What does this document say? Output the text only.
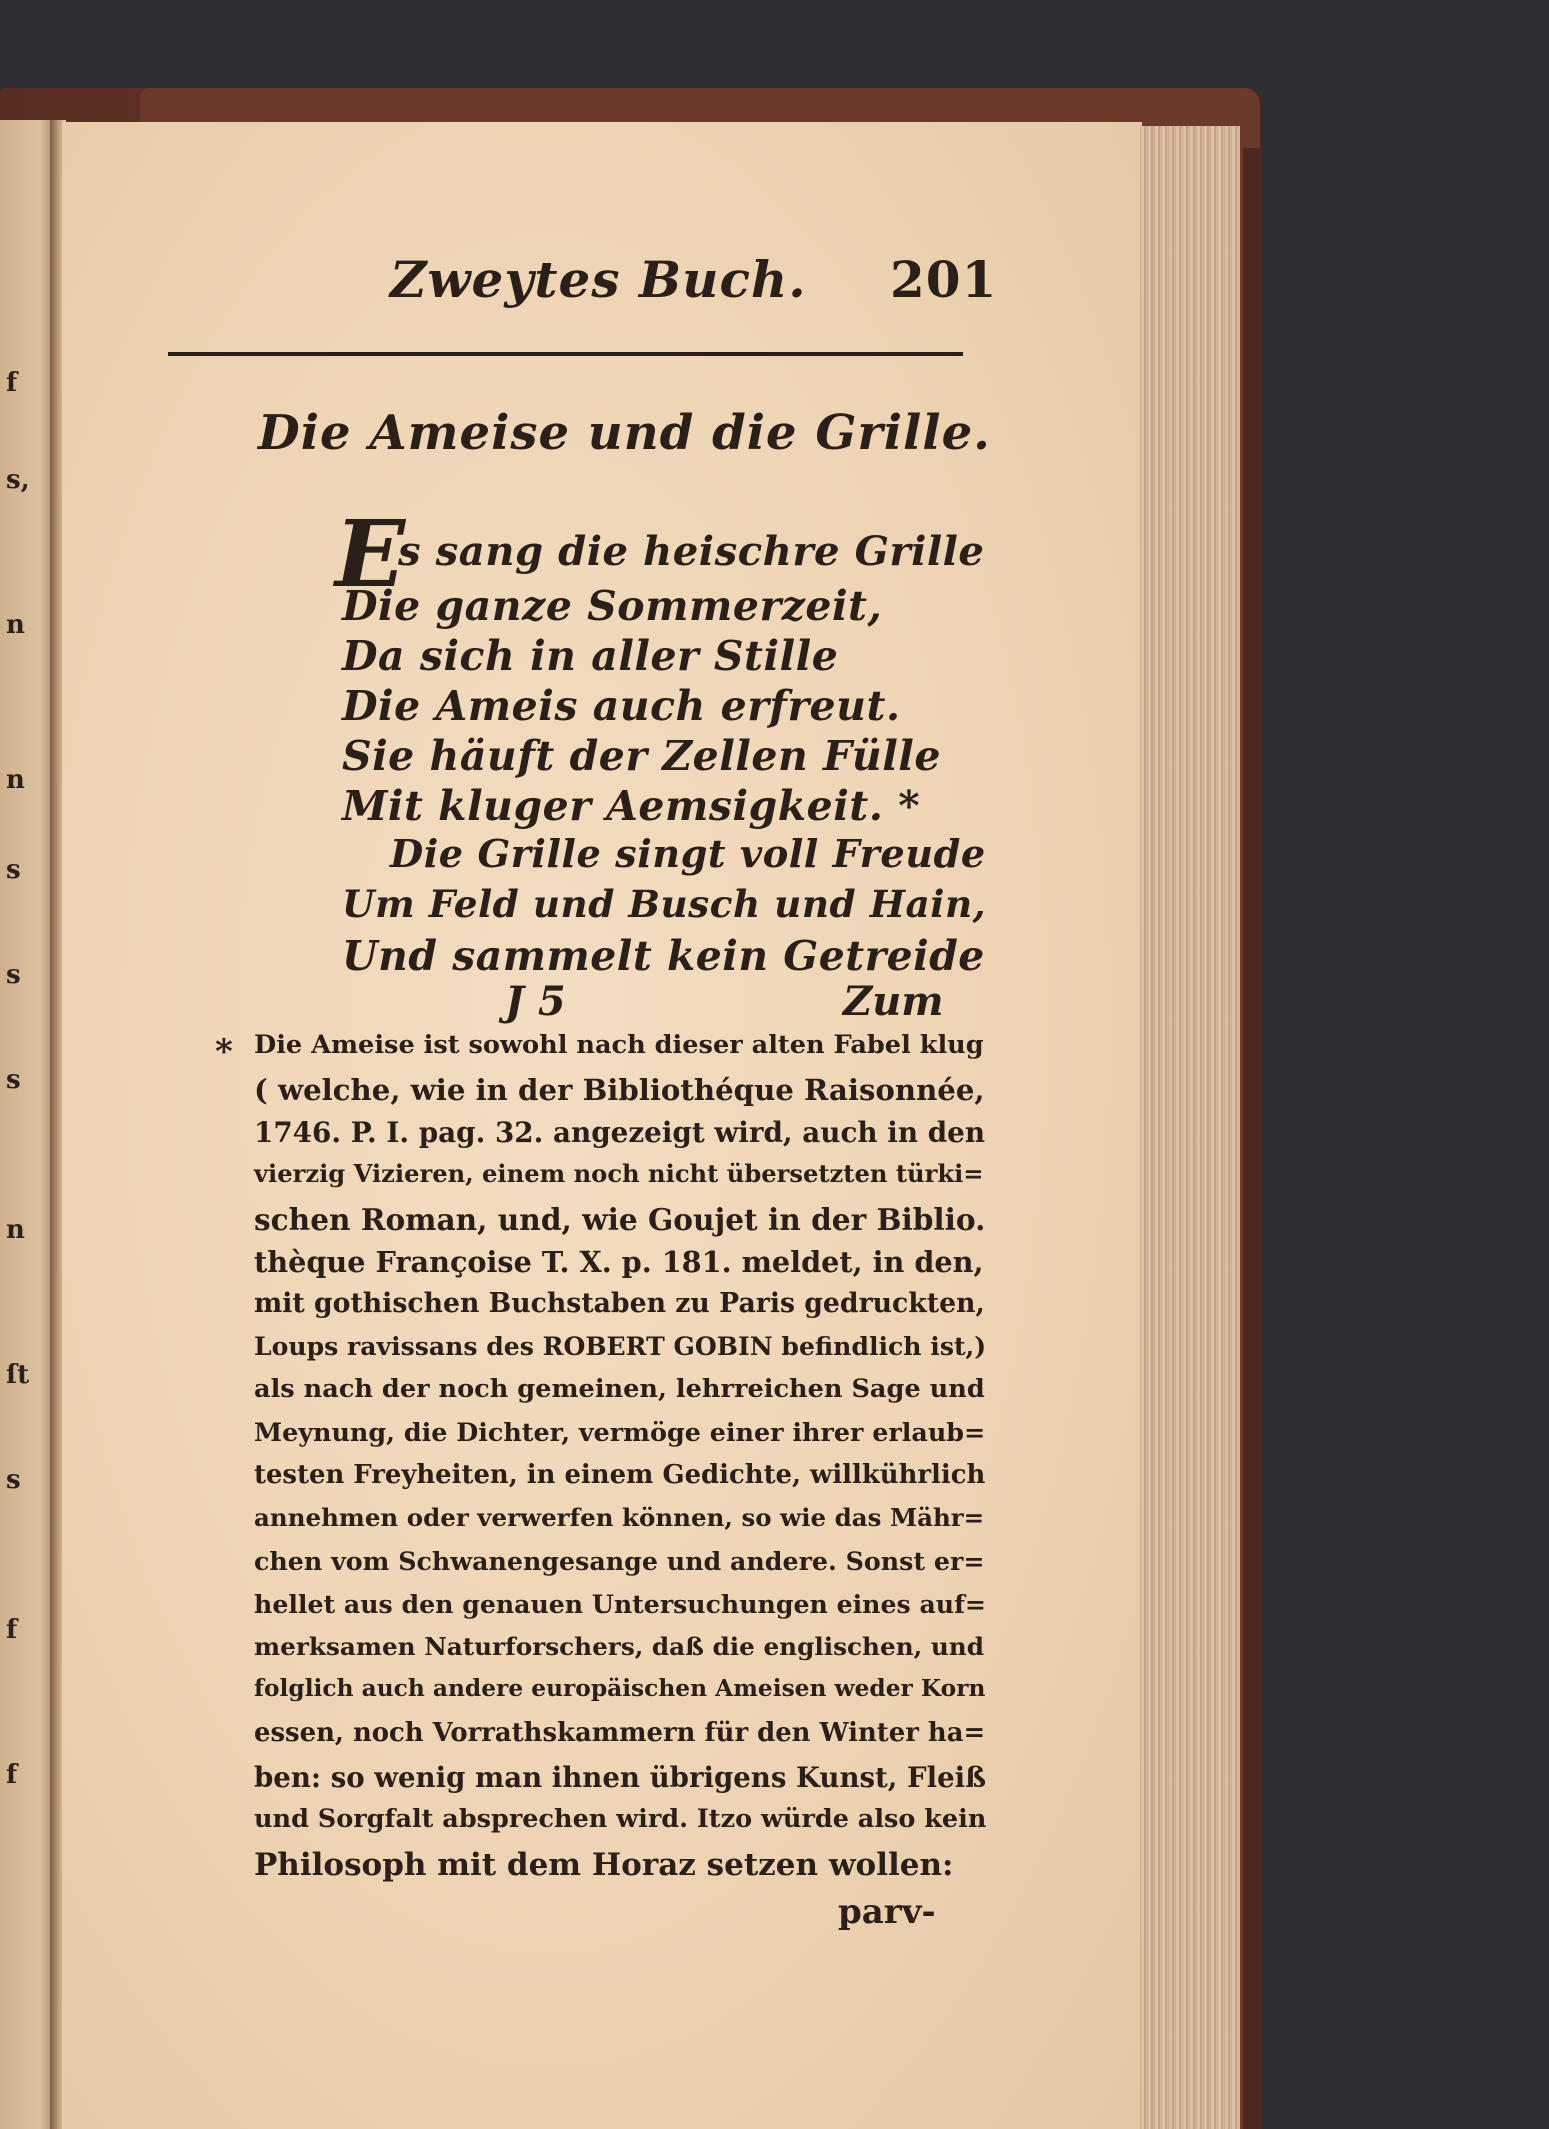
f
s,
n
n
s
s
s
n
ſt
s
f
f
Zweytes Buch. 201
Die Ameise und die Grille.
E
s sang die heischre Grille
Die ganze Sommerzeit,
Da sich in aller Stille
Die Ameis auch erfreut.
Sie häuft der Zellen Fülle
Mit kluger Aemsigkeit. *
Die Grille singt voll Freude
Um Feld und Busch und Hain,
Und sammelt kein Getreide
J 5	Zum
* Die Ameise ist sowohl nach dieser alten Fabel klug
( welche, wie in der Bibliothéque Raisonnée,
1746. P. I. pag. 32. angezeigt wird, auch in den
vierzig Vizieren, einem noch nicht übersetzten türki=
schen Roman, und, wie Goujet in der Biblio.
thèque Françoise T. X. p. 181. meldet, in den,
mit gothischen Buchstaben zu Paris gedruckten,
Loups ravissans des ROBERT GOBIN befindlich ist,)
als nach der noch gemeinen, lehrreichen Sage und
Meynung, die Dichter, vermöge einer ihrer erlaub=
testen Freyheiten, in einem Gedichte, willkührlich
annehmen oder verwerfen können, so wie das Mähr=
chen vom Schwanengesange und andere. Sonst er=
hellet aus den genauen Untersuchungen eines auf=
merksamen Naturforschers, daß die englischen, und
folglich auch andere europäischen Ameisen weder Korn
essen, noch Vorrathskammern für den Winter ha=
ben: so wenig man ihnen übrigens Kunst, Fleiß
und Sorgfalt absprechen wird. Itzo würde also kein
Philosoph mit dem Horaz setzen wollen:
parv-
